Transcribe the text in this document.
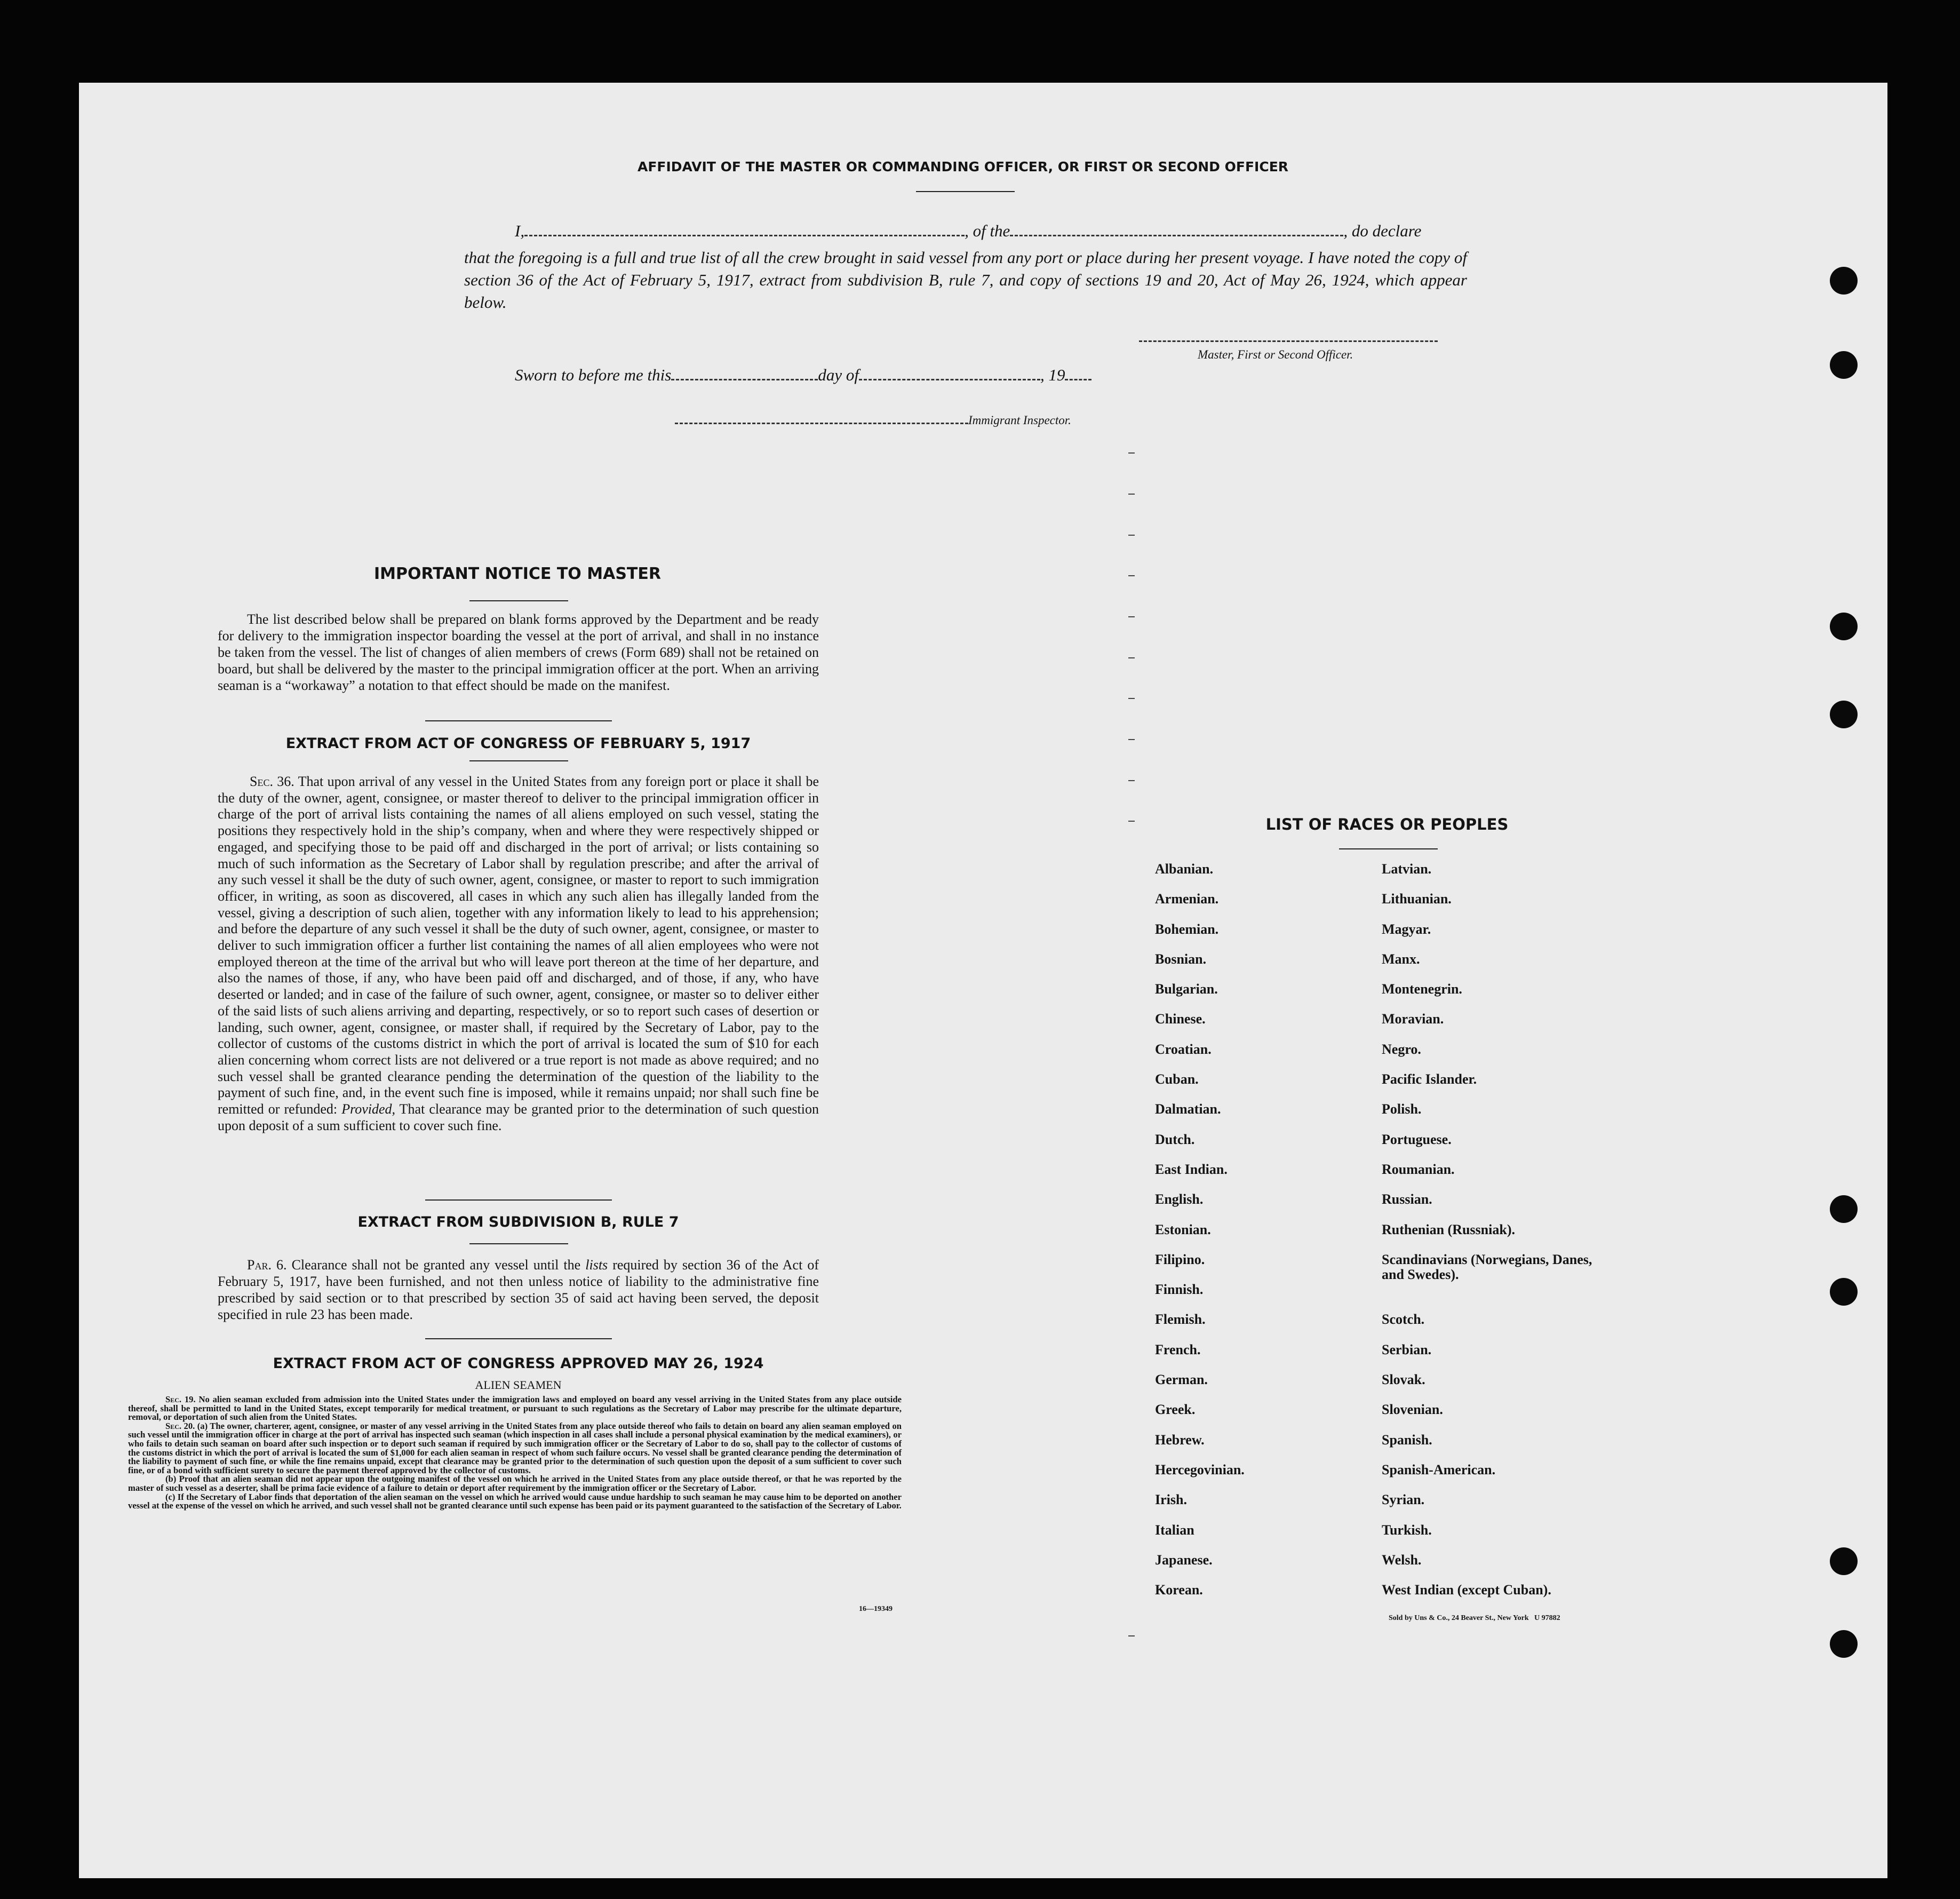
AFFIDAVIT OF THE MASTER OR COMMANDING OFFICER, OR FIRST OR SECOND OFFICER
I,	, of the	, do declare
that the foregoing is a full and true list of all the crew brought in said vessel from any port or place during her present voyage. I have noted the copy of section 36 of the Act of February 5, 1917, extract from subdivision B, rule 7, and copy of sections 19 and 20, Act of May 26, 1924, which appear below.
Master, First or Second Officer.
Sworn to before me this	day of	, 19
Immigrant Inspector.
IMPORTANT NOTICE TO MASTER
The list described below shall be prepared on blank forms approved by the Department and be ready for delivery to the immigration inspector boarding the vessel at the port of arrival, and shall in no instance be taken from the vessel. The list of changes of alien members of crews (Form 689) shall not be retained on board, but shall be delivered by the master to the principal immigration officer at the port. When an arriving seaman is a “workaway” a notation to that effect should be made on the manifest.
EXTRACT FROM ACT OF CONGRESS OF FEBRUARY 5, 1917
Sec. 36. That upon arrival of any vessel in the United States from any foreign port or place it shall be the duty of the owner, agent, consignee, or master thereof to deliver to the principal immigration officer in charge of the port of arrival lists containing the names of all aliens employed on such vessel, stating the positions they respectively hold in the ship’s company, when and where they were respectively shipped or engaged, and specifying those to be paid off and discharged in the port of arrival; or lists containing so much of such information as the Secretary of Labor shall by regulation prescribe; and after the arrival of any such vessel it shall be the duty of such owner, agent, consignee, or master to report to such immigration officer, in writing, as soon as discovered, all cases in which any such alien has illegally landed from the vessel, giving a description of such alien, together with any information likely to lead to his apprehension; and before the departure of any such vessel it shall be the duty of such owner, agent, consignee, or master to deliver to such immigration officer a further list containing the names of all alien employees who were not employed thereon at the time of the arrival but who will leave port thereon at the time of her departure, and also the names of those, if any, who have been paid off and discharged, and of those, if any, who have deserted or landed; and in case of the failure of such owner, agent, consignee, or master so to deliver either of the said lists of such aliens arriving and departing, respectively, or so to report such cases of desertion or landing, such owner, agent, consignee, or master shall, if required by the Secretary of Labor, pay to the collector of customs of the customs district in which the port of arrival is located the sum of $10 for each alien concerning whom correct lists are not delivered or a true report is not made as above required; and no such vessel shall be granted clearance pending the determination of the question of the liability to the payment of such fine, and, in the event such fine is imposed, while it remains unpaid; nor shall such fine be remitted or refunded: Provided, That clearance may be granted prior to the determination of such question upon deposit of a sum sufficient to cover such fine.
EXTRACT FROM SUBDIVISION B, RULE 7
Par. 6. Clearance shall not be granted any vessel until the lists required by section 36 of the Act of February 5, 1917, have been furnished, and not then unless notice of liability to the administrative fine prescribed by said section or to that prescribed by section 35 of said act having been served, the deposit specified in rule 23 has been made.
EXTRACT FROM ACT OF CONGRESS APPROVED MAY 26, 1924
ALIEN SEAMEN
Sec. 19. No alien seaman excluded from admission into the United States under the immigration laws and employed on board any vessel arriving in the United States from any place outside thereof, shall be permitted to land in the United States, except temporarily for medical treatment, or pursuant to such regulations as the Secretary of Labor may prescribe for the ultimate departure, removal, or deportation of such alien from the United States.
Sec. 20. (a) The owner, charterer, agent, consignee, or master of any vessel arriving in the United States from any place outside thereof who fails to detain on board any alien seaman employed on such vessel until the immigration officer in charge at the port of arrival has inspected such seaman (which inspection in all cases shall include a personal physical examination by the medical examiners), or who fails to detain such seaman on board after such inspection or to deport such seaman if required by such immigration officer or the Secretary of Labor to do so, shall pay to the collector of customs of the customs district in which the port of arrival is located the sum of $1,000 for each alien seaman in respect of whom such failure occurs. No vessel shall be granted clearance pending the determination of the liability to payment of such fine, or while the fine remains unpaid, except that clearance may be granted prior to the determination of such question upon the deposit of a sum sufficient to cover such fine, or of a bond with sufficient surety to secure the payment thereof approved by the collector of customs.
(b) Proof that an alien seaman did not appear upon the outgoing manifest of the vessel on which he arrived in the United States from any place outside thereof, or that he was reported by the master of such vessel as a deserter, shall be prima facie evidence of a failure to detain or deport after requirement by the immigration officer or the Secretary of Labor.
(c) If the Secretary of Labor finds that deportation of the alien seaman on the vessel on which he arrived would cause undue hardship to such seaman he may cause him to be deported on another vessel at the expense of the vessel on which he arrived, and such vessel shall not be granted clearance until such expense has been paid or its payment guaranteed to the satisfaction of the Secretary of Labor.
16—19349
LIST OF RACES OR PEOPLES
Albanian.	Latvian.
Armenian.	Lithuanian.
Bohemian.	Magyar.
Bosnian.	Manx.
Bulgarian.	Montenegrin.
Chinese.	Moravian.
Croatian.	Negro.
Cuban.	Pacific Islander.
Dalmatian.	Polish.
Dutch.	Portuguese.
East Indian.	Roumanian.
English.	Russian.
Estonian.	Ruthenian (Russniak).
Filipino.	Scandinavians (Norwegians, Danes, and Swedes).
Finnish.
Flemish.	Scotch.
French.	Serbian.
German.	Slovak.
Greek.	Slovenian.
Hebrew.	Spanish.
Hercegovinian.	Spanish-American.
Irish.	Syrian.
Italian	Turkish.
Japanese.	Welsh.
Korean.	West Indian (except Cuban).
Sold by Uns & Co., 24 Beaver St., New York   U 97882
